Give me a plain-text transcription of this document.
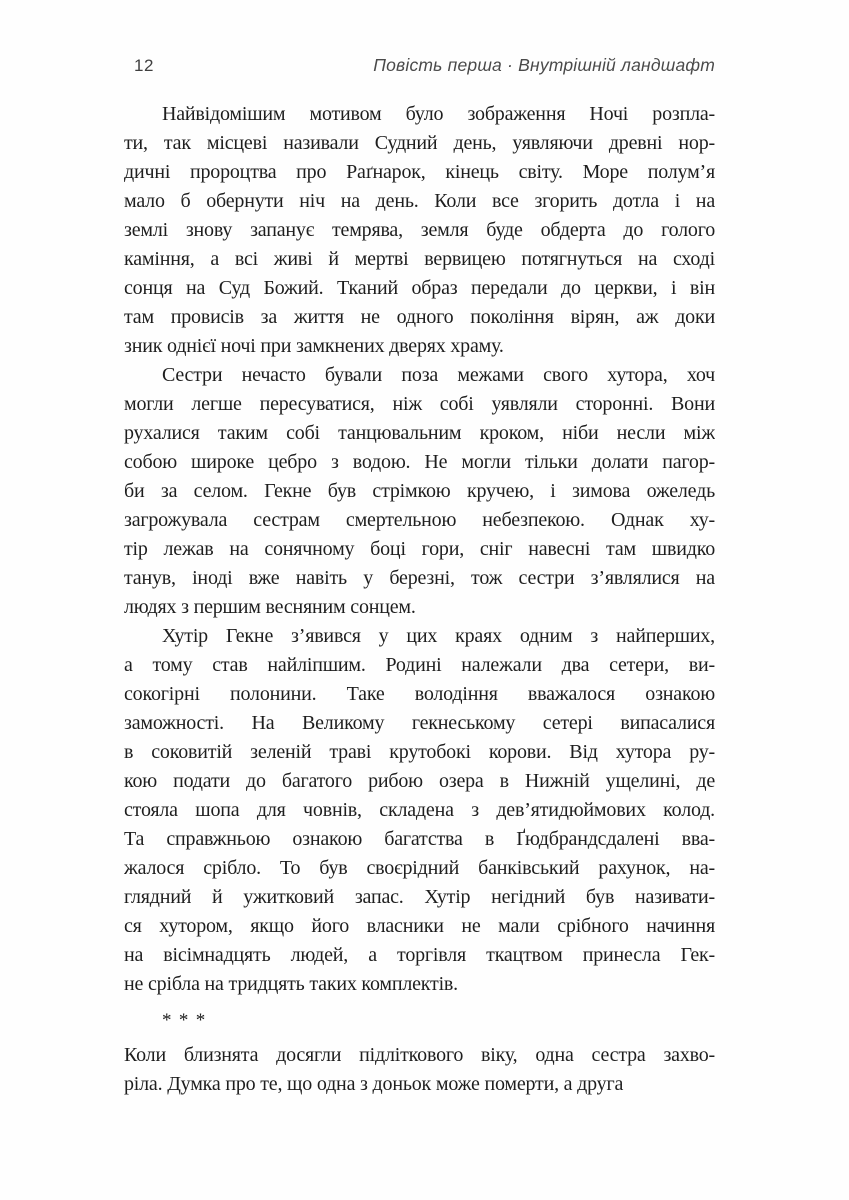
12	Повість перша · Внутрішній ландшафт
Найвідомішим мотивом було зображення Ночі розпла-
ти, так місцеві називали Судний день, уявляючи древні нор-
дичні пророцтва про Раґнарок, кінець світу. Море полум’я
мало б обернути ніч на день. Коли все згорить дотла і на
землі знову запанує темрява, земля буде обдерта до голого
каміння, а всі живі й мертві вервицею потягнуться на сході
сонця на Суд Божий. Тканий образ передали до церкви, і він
там провисів за життя не одного покоління вірян, аж доки
зник однієї ночі при замкнених дверях храму.
Сестри нечасто бували поза межами свого хутора, хоч
могли легше пересуватися, ніж собі уявляли сторонні. Вони
рухалися таким собі танцювальним кроком, ніби несли між
собою широке цебро з водою. Не могли тільки долати пагор-
би за селом. Гекне був стрімкою кручею, і зимова ожеледь
загрожувала сестрам смертельною небезпекою. Однак ху-
тір лежав на сонячному боці гори, сніг навесні там швидко
танув, іноді вже навіть у березні, тож сестри з’являлися на
людях з першим весняним сонцем.
Хутір Гекне з’явився у цих краях одним з найперших,
а тому став найліпшим. Родині належали два сетери, ви-
сокогірні полонини. Таке володіння вважалося ознакою
заможності. На Великому гекнеському сетері випасалися
в соковитій зеленій траві крутобокі корови. Від хутора ру-
кою подати до багатого рибою озера в Нижній ущелині, де
стояла шопа для човнів, складена з дев’ятидюймових колод.
Та справжньою ознакою багатства в Ґюдбрандсдалені вва-
жалося срібло. То був своєрідний банківський рахунок, на-
глядний й ужитковий запас. Хутір негідний був називати-
ся хутором, якщо його власники не мали срібного начиння
на вісімнадцять людей, а торгівля ткацтвом принесла Гек-
не срібла на тридцять таких комплектів.
* * *
Коли близнята досягли підліткового віку, одна сестра захво-
ріла. Думка про те, що одна з доньок може померти, а друга
